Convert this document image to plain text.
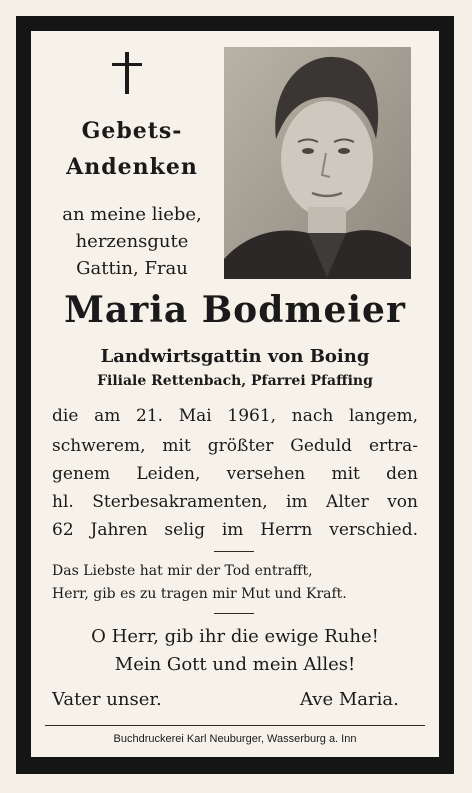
Gebets-
Andenken
an meine liebe,
herzensgute
Gattin, Frau
Maria Bodmeier
Landwirtsgattin von Boing
Filiale Rettenbach, Pfarrei Pfaffing
die am 21. Mai 1961, nach langem,
schwerem, mit größter Geduld ertra-
genem Leiden, versehen mit den
hl. Sterbesakramenten, im Alter von
62 Jahren selig im Herrn verschied.
Das Liebste hat mir der Tod entrafft,
Herr, gib es zu tragen mir Mut und Kraft.
O Herr, gib ihr die ewige Ruhe!
Mein Gott und mein Alles!
Vater unser.	Ave Maria.
Buchdruckerei Karl Neuburger, Wasserburg a. Inn
